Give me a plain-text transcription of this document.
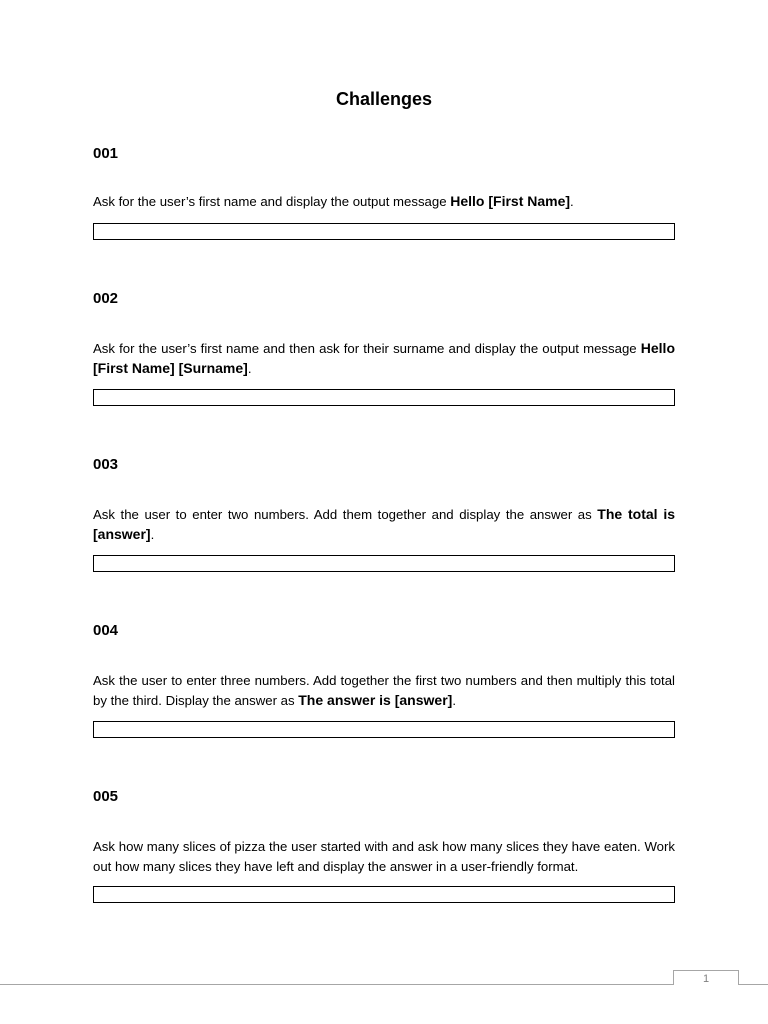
Challenges
001
Ask for the user’s first name and display the output message Hello [First Name].
002
Ask for the user’s first name and then ask for their surname and display the output message Hello [First Name] [Surname].
003
Ask the user to enter two numbers. Add them together and display the answer as The total is [answer].
004
Ask the user to enter three numbers. Add together the first two numbers and then multiply this total by the third. Display the answer as The answer is [answer].
005
Ask how many slices of pizza the user started with and ask how many slices they have eaten. Work out how many slices they have left and display the answer in a user-friendly format.
1
